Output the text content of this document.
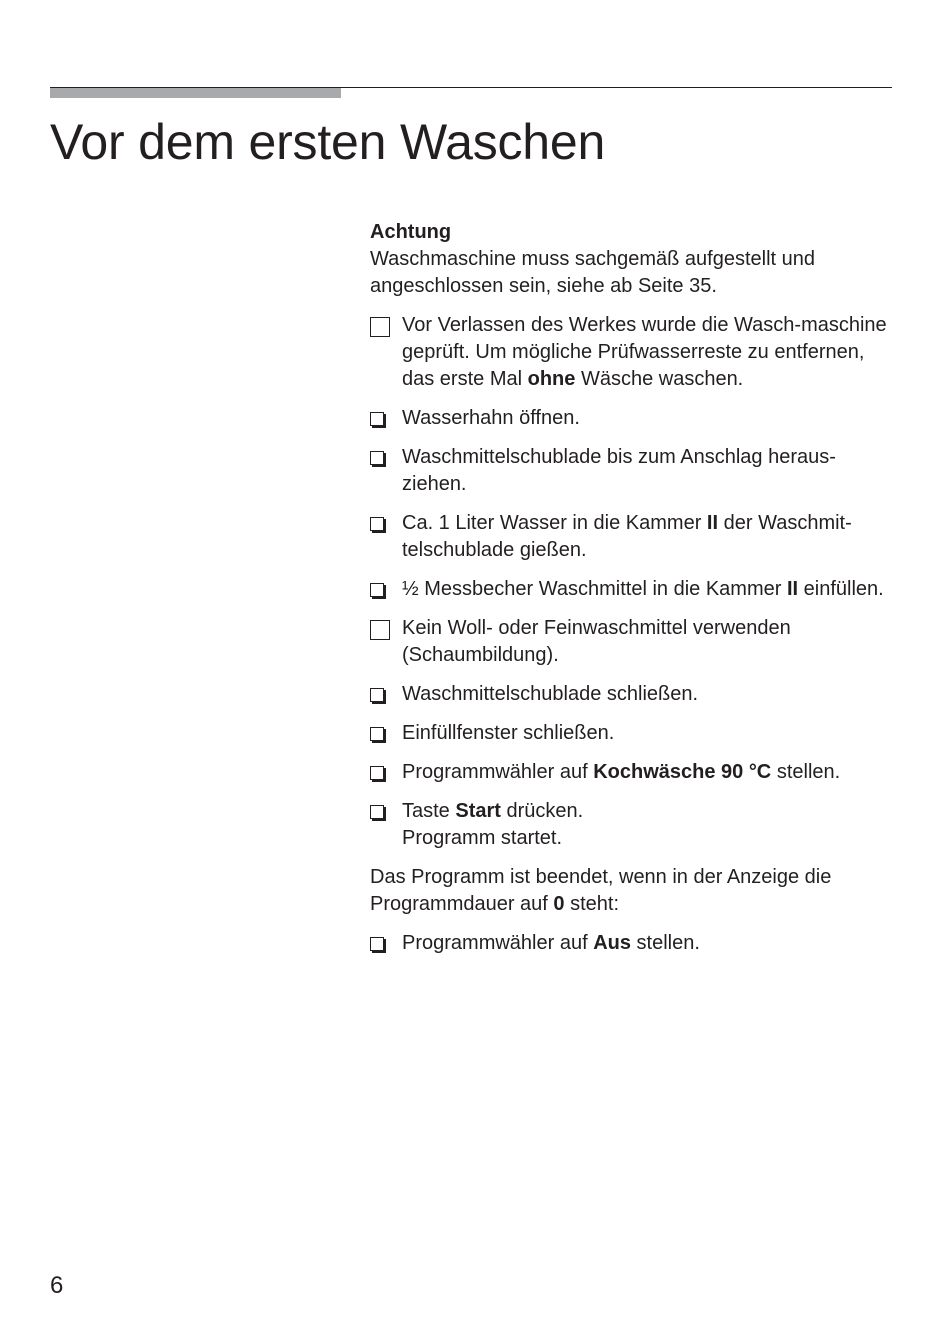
Vor dem ersten Waschen

Achtung

Waschmaschine muss sachgemäß aufgestellt und angeschlossen sein, siehe ab Seite 35.

Vor Verlassen des Werkes wurde die Wasch-maschine geprüft. Um mögliche Prüfwasserreste zu entfernen, das erste Mal ohne Wäsche waschen.
Wasserhahn öffnen.
Waschmittelschublade bis zum Anschlag heraus-ziehen.
Ca. 1 Liter Wasser in die Kammer II der Waschmit-telschublade gießen.
½ Messbecher Waschmittel in die Kammer II einfüllen.
Kein Woll- oder Feinwaschmittel verwenden (Schaumbildung).
Waschmittelschublade schließen.
Einfüllfenster schließen.
Programmwähler auf Kochwäsche 90 °C stellen.
Taste Start drücken.
Programm startet.

Das Programm ist beendet, wenn in der Anzeige die Programmdauer auf 0 steht:

Programmwähler auf Aus stellen.
6
